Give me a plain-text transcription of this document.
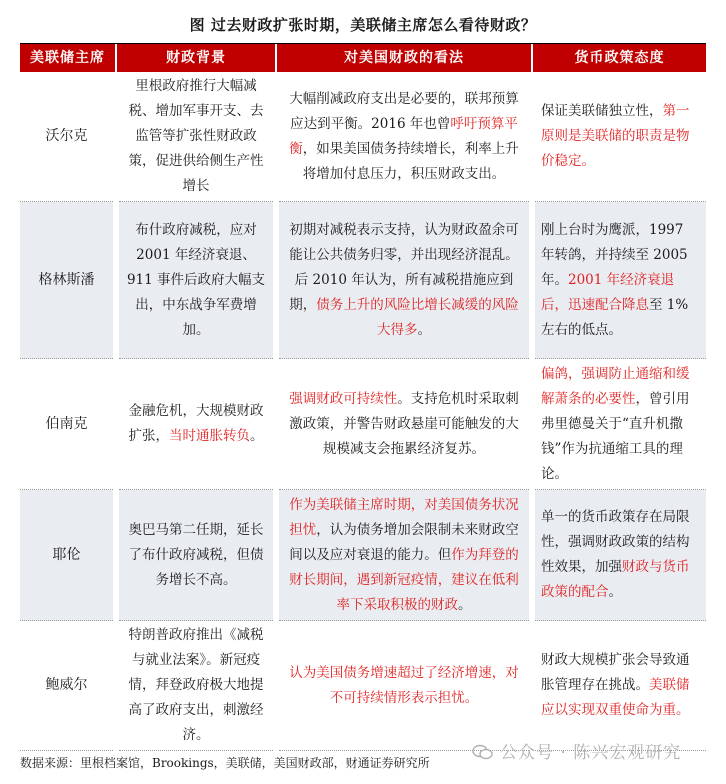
图 过去财政扩张时期，美联储主席怎么看待财政？
美联储主席	财政背景	对美国财政的看法	货币政策态度
沃尔克	里根政府推行大幅减税、增加军事开支、去监管等扩张性财政政策，促进供给侧生产性增长	大幅削减政府支出是必要的，联邦预算应达到平衡。2016 年也曾呼吁预算平衡，如果美国债务持续增长，利率上升将增加付息压力，积压财政支出。	保证美联储独立性，第一原则是美联储的职责是物价稳定。
格林斯潘	布什政府减税，应对 2001 年经济衰退、911 事件后政府大幅支出，中东战争军费增加。	初期对减税表示支持，认为财政盈余可能让公共债务归零，并出现经济混乱。后 2010 年认为，所有减税措施应到期，债务上升的风险比增长减缓的风险大得多。	刚上台时为鹰派，1997 年转鸽，并持续至 2005 年。2001 年经济衰退后，迅速配合降息至 1%左右的低点。
伯南克	金融危机，大规模财政扩张，当时通胀转负。	强调财政可持续性。支持危机时采取刺激政策，并警告财政悬崖可能触发的大规模减支会拖累经济复苏。	偏鸽，强调防止通缩和缓解萧条的必要性，曾引用弗里德曼关于“直升机撒钱”作为抗通缩工具的理论。
耶伦	奥巴马第二任期，延长了布什政府减税，但债务增长不高。	作为美联储主席时期，对美国债务状况担忧，认为债务增加会限制未来财政空间以及应对衰退的能力。但作为拜登的财长期间，遇到新冠疫情，建议在低利率下采取积极的财政。	单一的货币政策存在局限性，强调财政政策的结构性效果，加强财政与货币政策的配合。
鲍威尔	特朗普政府推出《减税与就业法案》。新冠疫情，拜登政府极大地提高了政府支出，刺激经济。	认为美国债务增速超过了经济增速，对不可持续情形表示担忧。	财政大规模扩张会导致通胀管理存在挑战。美联储应以实现双重使命为重。
数据来源：里根档案馆，Brookings，美联储，美国财政部，财通证券研究所	公众号 · 陈兴宏观研究
